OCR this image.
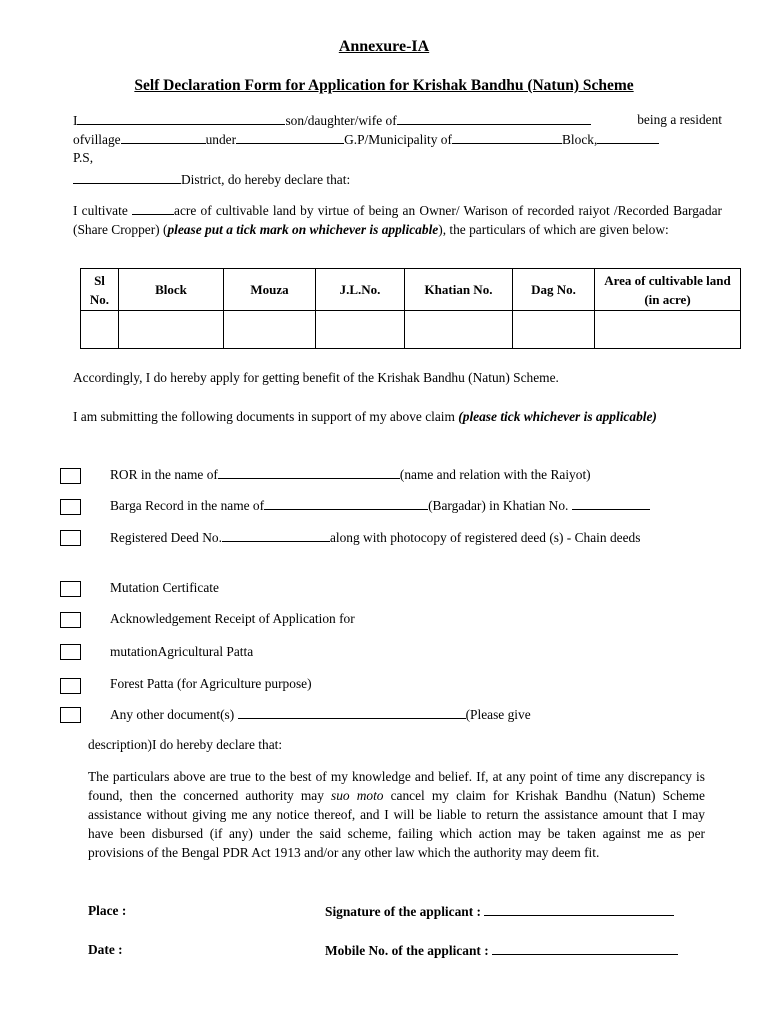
Annexure-IA
Self Declaration Form for Application for Krishak Bandhu (Natun) Scheme
I	son/daughter/wife of	being a resident
ofvillage	under	G.P/Municipality of	Block,
P.S,
District, do hereby declare that:
I cultivate	acre of cultivable land by virtue of being an Owner/ Warison of recorded raiyot /Recorded Bargadar (Share Cropper) (please put a tick mark on whichever is applicable), the particulars of which are given below:
Sl No.	Block	Mouza	J.L.No.	Khatian No.	Dag No.	Area of cultivable land (in acre)

Accordingly, I do hereby apply for getting benefit of the Krishak Bandhu (Natun) Scheme.
I am submitting the following documents in support of my above claim (please tick whichever is applicable)
ROR in the name of	(name and relation with the Raiyot)
Barga Record in the name of	(Bargadar) in Khatian No.
Registered Deed No.	along with photocopy of registered deed (s) - Chain deeds
Mutation Certificate
Acknowledgement Receipt of Application for
mutationAgricultural Patta
Forest Patta (for Agriculture purpose)
Any other document(s)	(Please give
description)I do hereby declare that:
The particulars above are true to the best of my knowledge and belief. If, at any point of time any discrepancy is found, then the concerned authority may suo moto cancel my claim for Krishak Bandhu (Natun) Scheme assistance without giving me any notice thereof, and I will be liable to return the assistance amount that I may have been disbursed (if any) under the said scheme, failing which action may be taken against me as per provisions of the Bengal PDR Act 1913 and/or any other law which the authority may deem fit.
Place :	Signature of the applicant :
Date :	Mobile No. of the applicant :
